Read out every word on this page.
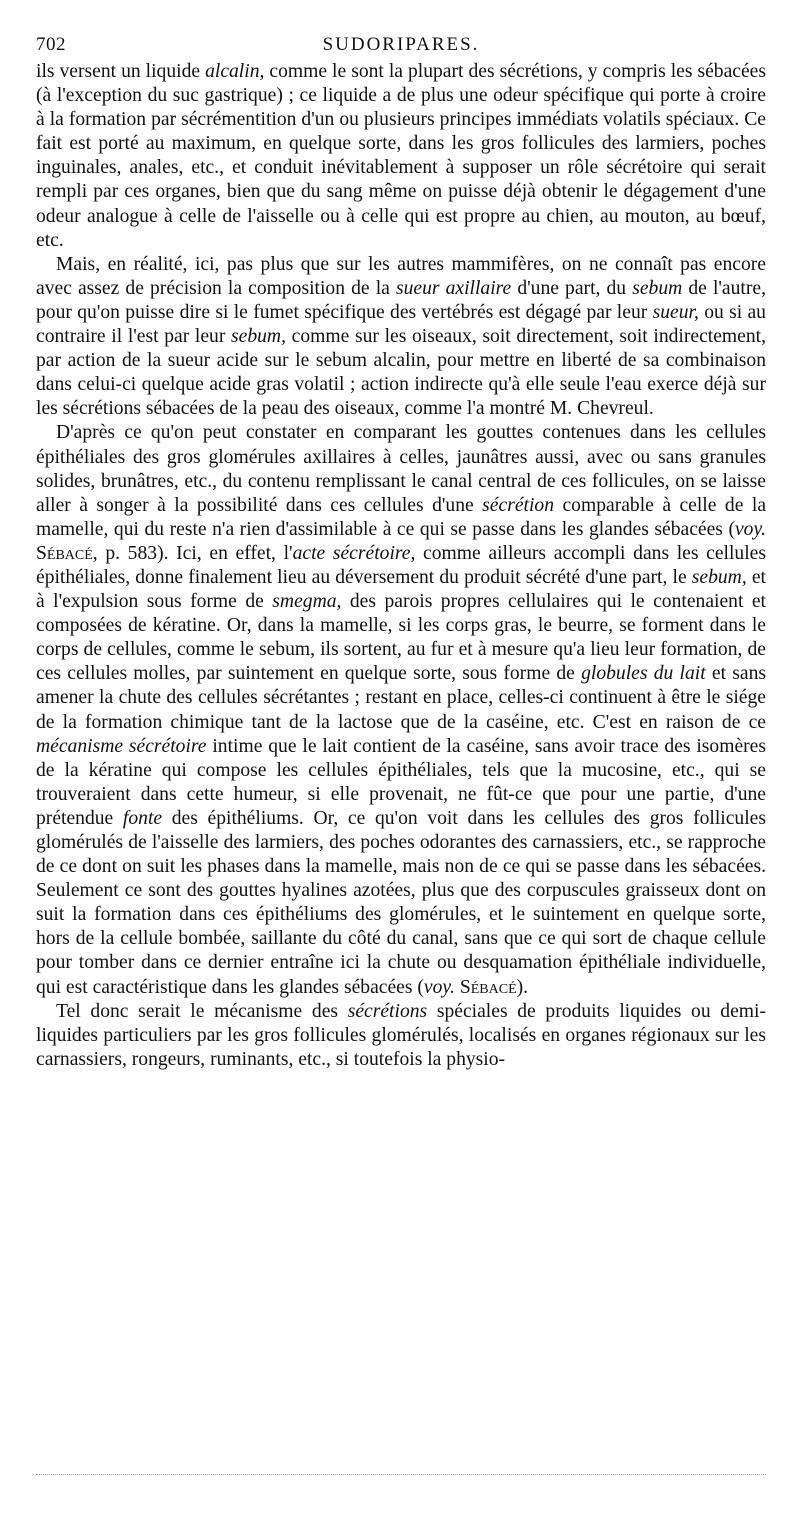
702	SUDORIPARES.

ils versent un liquide alcalin, comme le sont la plupart des sécrétions, y compris les sébacées (à l'exception du suc gastrique) ; ce liquide a de plus une odeur spécifique qui porte à croire à la formation par sécrémentition d'un ou plusieurs principes immédiats volatils spéciaux. Ce fait est porté au maximum, en quelque sorte, dans les gros follicules des larmiers, poches inguinales, anales, etc., et conduit inévitablement à supposer un rôle sécrétoire qui serait rempli par ces organes, bien que du sang même on puisse déjà obtenir le dégagement d'une odeur analogue à celle de l'aisselle ou à celle qui est propre au chien, au mouton, au bœuf, etc.

Mais, en réalité, ici, pas plus que sur les autres mammifères, on ne connaît pas encore avec assez de précision la composition de la sueur axillaire d'une part, du sebum de l'autre, pour qu'on puisse dire si le fumet spécifique des vertébrés est dégagé par leur sueur, ou si au contraire il l'est par leur sebum, comme sur les oiseaux, soit directement, soit indirectement, par action de la sueur acide sur le sebum alcalin, pour mettre en liberté de sa combinaison dans celui-ci quelque acide gras volatil ; action indirecte qu'à elle seule l'eau exerce déjà sur les sécrétions sébacées de la peau des oiseaux, comme l'a montré M. Chevreul.

D'après ce qu'on peut constater en comparant les gouttes contenues dans les cellules épithéliales des gros glomérules axillaires à celles, jaunâtres aussi, avec ou sans granules solides, brunâtres, etc., du contenu remplissant le canal central de ces follicules, on se laisse aller à songer à la possibilité dans ces cellules d'une sécrétion comparable à celle de la mamelle, qui du reste n'a rien d'assimilable à ce qui se passe dans les glandes sébacées (voy. Sébacé, p. 583). Ici, en effet, l'acte sécrétoire, comme ailleurs accompli dans les cellules épithéliales, donne finalement lieu au déversement du produit sécrété d'une part, le sebum, et à l'expulsion sous forme de smegma, des parois propres cellulaires qui le contenaient et composées de kératine. Or, dans la mamelle, si les corps gras, le beurre, se forment dans le corps de cellules, comme le sebum, ils sortent, au fur et à mesure qu'a lieu leur formation, de ces cellules molles, par suintement en quelque sorte, sous forme de globules du lait et sans amener la chute des cellules sécrétantes ; restant en place, celles-ci continuent à être le siége de la formation chimique tant de la lactose que de la caséine, etc. C'est en raison de ce mécanisme sécrétoire intime que le lait contient de la caséine, sans avoir trace des isomères de la kératine qui compose les cellules épithéliales, tels que la mucosine, etc., qui se trouveraient dans cette humeur, si elle provenait, ne fût-ce que pour une partie, d'une prétendue fonte des épithéliums. Or, ce qu'on voit dans les cellules des gros follicules glomérulés de l'aisselle des larmiers, des poches odorantes des carnassiers, etc., se rapproche de ce dont on suit les phases dans la mamelle, mais non de ce qui se passe dans les sébacées. Seulement ce sont des gouttes hyalines azotées, plus que des corpuscules graisseux dont on suit la formation dans ces épithéliums des glomérules, et le suintement en quelque sorte, hors de la cellule bombée, saillante du côté du canal, sans que ce qui sort de chaque cellule pour tomber dans ce dernier entraîne ici la chute ou desquamation épithéliale individuelle, qui est caractéristique dans les glandes sébacées (voy. Sébacé).

Tel donc serait le mécanisme des sécrétions spéciales de produits liquides ou demi-liquides particuliers par les gros follicules glomérulés, localisés en organes régionaux sur les carnassiers, rongeurs, ruminants, etc., si toutefois la physio-
